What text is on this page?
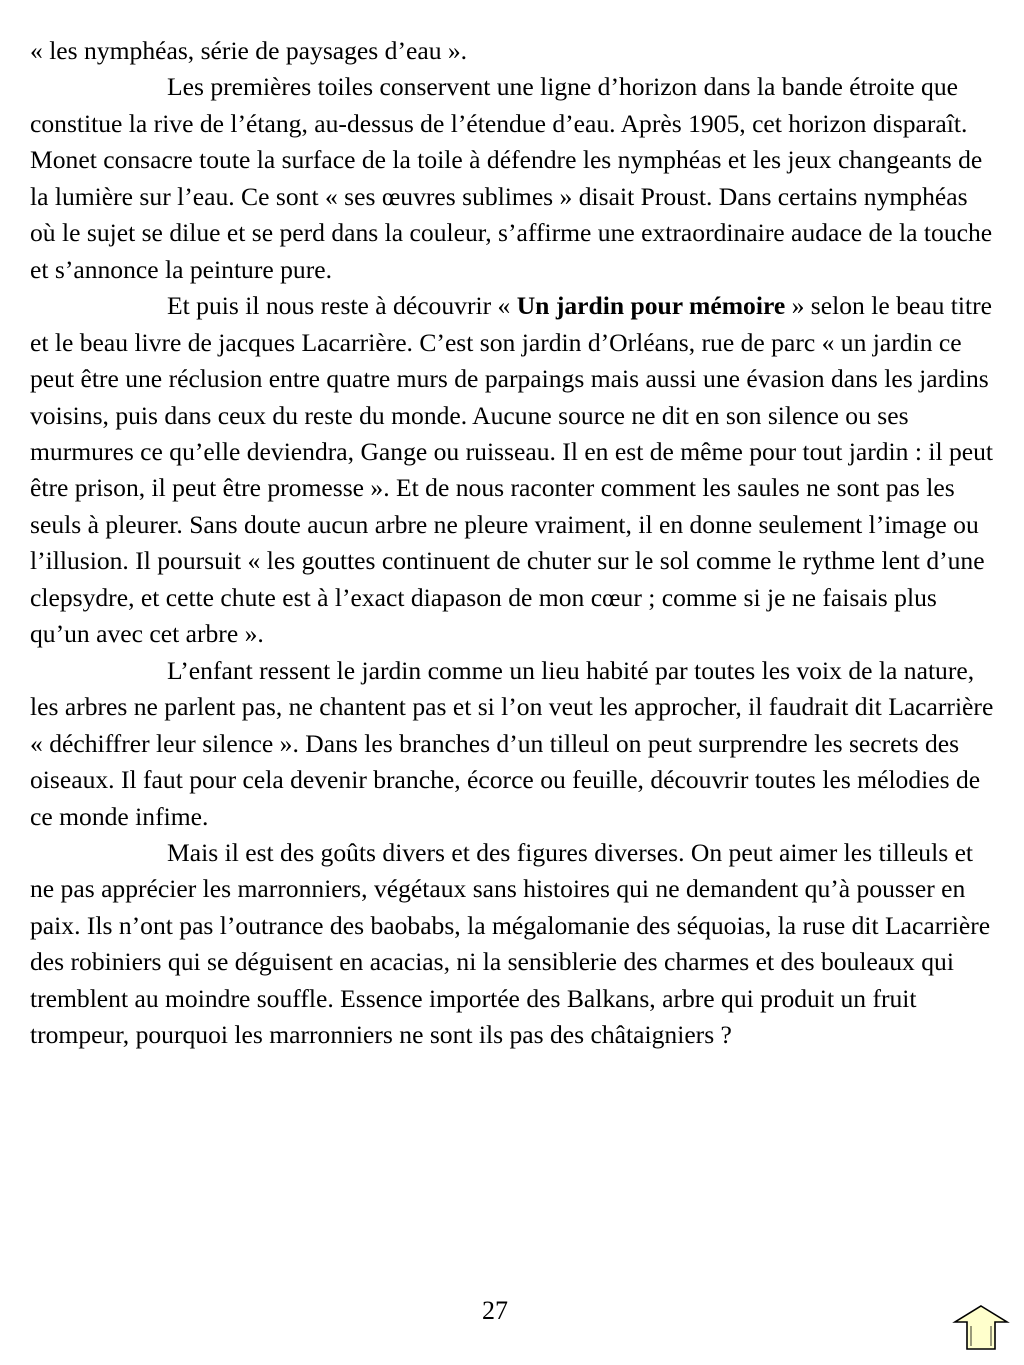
« les nymphéas, série de paysages d’eau ».

Les premières toiles conservent une ligne d’horizon dans la bande étroite que constitue la rive de l’étang, au-dessus de l’étendue d’eau. Après 1905, cet horizon disparaît. Monet consacre toute la surface de la toile à défendre les nymphéas et les jeux changeants de la lumière sur l’eau. Ce sont « ses œuvres sublimes » disait Proust. Dans certains nymphéas où le sujet se dilue et se perd dans la couleur, s’affirme une extraordinaire audace de la touche et s’annonce la peinture pure.

Et puis il nous reste à découvrir « Un jardin pour mémoire » selon le beau titre et le beau livre de jacques Lacarrière. C’est son jardin d’Orléans, rue de parc « un jardin ce peut être une réclusion entre quatre murs de parpaings mais aussi une évasion dans les jardins voisins, puis dans ceux du reste du monde. Aucune source ne dit en son silence ou ses murmures ce qu’elle deviendra, Gange ou ruisseau. Il en est de même pour tout jardin : il peut être prison, il peut être promesse ». Et de nous raconter comment les saules ne sont pas les seuls à pleurer. Sans doute aucun arbre ne pleure vraiment, il en donne seulement l’image ou l’illusion. Il poursuit « les gouttes continuent de chuter sur le sol comme le rythme lent d’une clepsydre, et cette chute est à l’exact diapason de mon cœur ; comme si je ne faisais plus qu’un avec cet arbre ».

L’enfant ressent le jardin comme un lieu habité par toutes les voix de la nature, les arbres ne parlent pas, ne chantent pas et si l’on veut les approcher, il faudrait dit Lacarrière « déchiffrer leur silence ». Dans les branches d’un tilleul on peut surprendre les secrets des oiseaux. Il faut pour cela devenir branche, écorce ou feuille, découvrir toutes les mélodies de ce monde infime.

Mais il est des goûts divers et des figures diverses. On peut aimer les tilleuls et ne pas apprécier les marronniers, végétaux sans histoires qui ne demandent qu’à pousser en paix. Ils n’ont pas l’outrance des baobabs, la mégalomanie des séquoias, la ruse dit Lacarrière des robiniers qui se déguisent en acacias, ni la sensiblerie des charmes et des bouleaux qui tremblent au moindre souffle. Essence importée des Balkans, arbre qui produit un fruit trompeur, pourquoi les marronniers ne sont ils pas des châtaigniers ?

27
